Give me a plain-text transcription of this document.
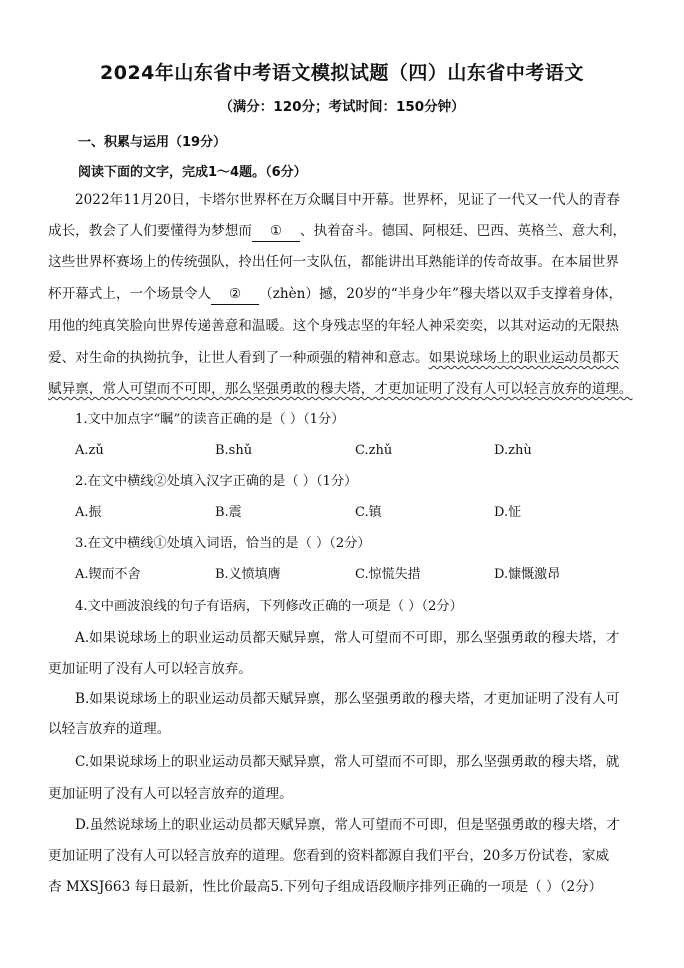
2024年山东省中考语文模拟试题（四）山东省中考语文
（满分：120分；考试时间：150分钟）
一、积累与运用（19分）
阅读下面的文字，完成1～4题。（6分）
2022年11月20日，卡塔尔世界杯在万众瞩目中开幕。世界杯，见证了一代又一代人的青春
成长，教会了人们要懂得为梦想而 ① 、执着奋斗。德国、阿根廷、巴西、英格兰、意大利，
这些世界杯赛场上的传统强队，拎出任何一支队伍，都能讲出耳熟能详的传奇故事。在本届世界
杯开幕式上，一个场景令人 ② （zhèn）撼，20岁的“半身少年”穆夫塔以双手支撑着身体，
用他的纯真笑脸向世界传递善意和温暖。这个身残志坚的年轻人神采奕奕，以其对运动的无限热
爱、对生命的执拗抗争，让世人看到了一种顽强的精神和意志。如果说球场上的职业运动员都天
赋异禀，常人可望而不可即，那么坚强勇敢的穆夫塔，才更加证明了没有人可以轻言放弃的道理。
1.文中加点字“瞩”的读音正确的是（ ）（1分）
A.zǔ	B.shǔ	C.zhǔ	D.zhù
2.在文中横线②处填入汉字正确的是（ ）（1分）
A.振	B.震	C.镇	D.怔
3.在文中横线①处填入词语，恰当的是（ ）（2分）
A.锲而不舍	B.义愤填膺	C.惊慌失措	D.慷慨激昂
4.文中画波浪线的句子有语病，下列修改正确的一项是（ ）（2分）
A.如果说球场上的职业运动员都天赋异禀，常人可望而不可即，那么坚强勇敢的穆夫塔，才
更加证明了没有人可以轻言放弃。
B.如果说球场上的职业运动员都天赋异禀，那么坚强勇敢的穆夫塔，才更加证明了没有人可
以轻言放弃的道理。
C.如果说球场上的职业运动员都天赋异禀，常人可望而不可即，那么坚强勇敢的穆夫塔，就
更加证明了没有人可以轻言放弃的道理。
D.虽然说球场上的职业运动员都天赋异禀，常人可望而不可即，但是坚强勇敢的穆夫塔，才
更加证明了没有人可以轻言放弃的道理。您看到的资料都源自我们平台，20多万份试卷，家威
杏 MXSJ663 每日最新，性比价最高5.下列句子组成语段顺序排列正确的一项是（ ）（2分）
